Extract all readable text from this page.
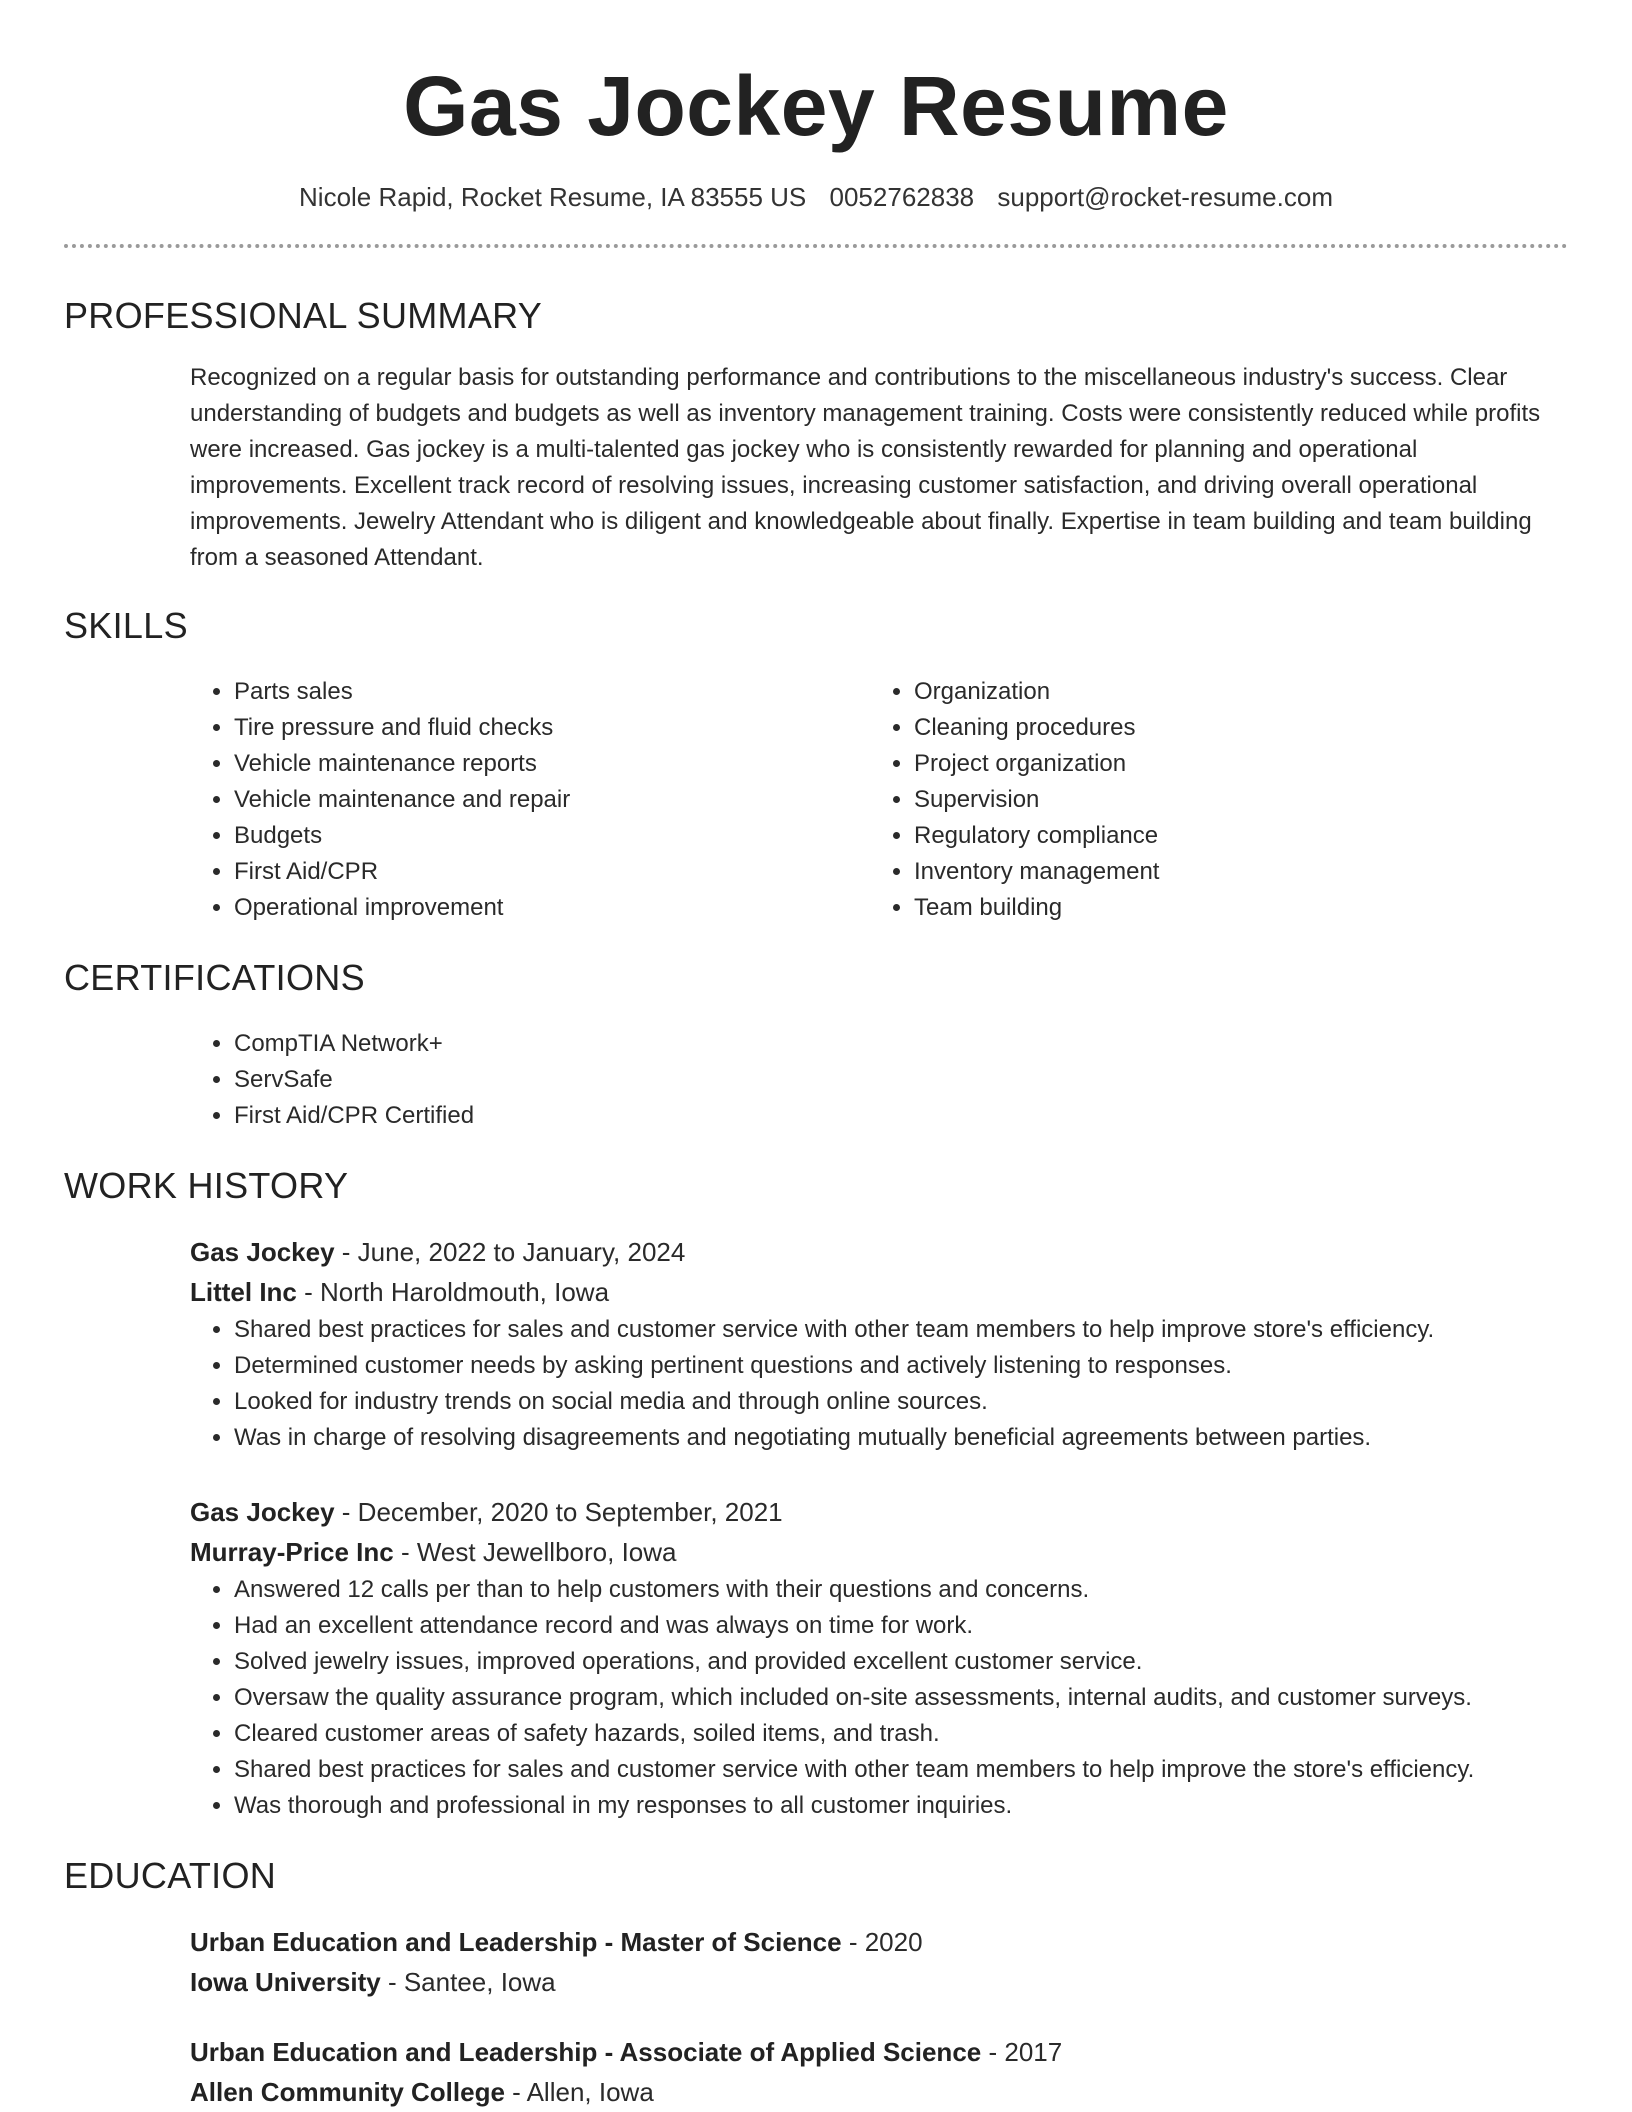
Gas Jockey Resume
Nicole Rapid, Rocket Resume, IA 83555 US 0052762838 support@rocket-resume.com
PROFESSIONAL SUMMARY
Recognized on a regular basis for outstanding performance and contributions to the miscellaneous industry's success. Clear understanding of budgets and budgets as well as inventory management training. Costs were consistently reduced while profits were increased. Gas jockey is a multi-talented gas jockey who is consistently rewarded for planning and operational improvements. Excellent track record of resolving issues, increasing customer satisfaction, and driving overall operational improvements. Jewelry Attendant who is diligent and knowledgeable about finally. Expertise in team building and team building from a seasoned Attendant.
SKILLS
• Parts sales
• Tire pressure and fluid checks
• Vehicle maintenance reports
• Vehicle maintenance and repair
• Budgets
• First Aid/CPR
• Operational improvement
• Organization
• Cleaning procedures
• Project organization
• Supervision
• Regulatory compliance
• Inventory management
• Team building
CERTIFICATIONS
• CompTIA Network+
• ServSafe
• First Aid/CPR Certified
WORK HISTORY
Gas Jockey - June, 2022 to January, 2024
Littel Inc - North Haroldmouth, Iowa
• Shared best practices for sales and customer service with other team members to help improve store's efficiency.
• Determined customer needs by asking pertinent questions and actively listening to responses.
• Looked for industry trends on social media and through online sources.
• Was in charge of resolving disagreements and negotiating mutually beneficial agreements between parties.
Gas Jockey - December, 2020 to September, 2021
Murray-Price Inc - West Jewellboro, Iowa
• Answered 12 calls per than to help customers with their questions and concerns.
• Had an excellent attendance record and was always on time for work.
• Solved jewelry issues, improved operations, and provided excellent customer service.
• Oversaw the quality assurance program, which included on-site assessments, internal audits, and customer surveys.
• Cleared customer areas of safety hazards, soiled items, and trash.
• Shared best practices for sales and customer service with other team members to help improve the store's efficiency.
• Was thorough and professional in my responses to all customer inquiries.
EDUCATION
Urban Education and Leadership - Master of Science - 2020
Iowa University - Santee, Iowa
Urban Education and Leadership - Associate of Applied Science - 2017
Allen Community College - Allen, Iowa
